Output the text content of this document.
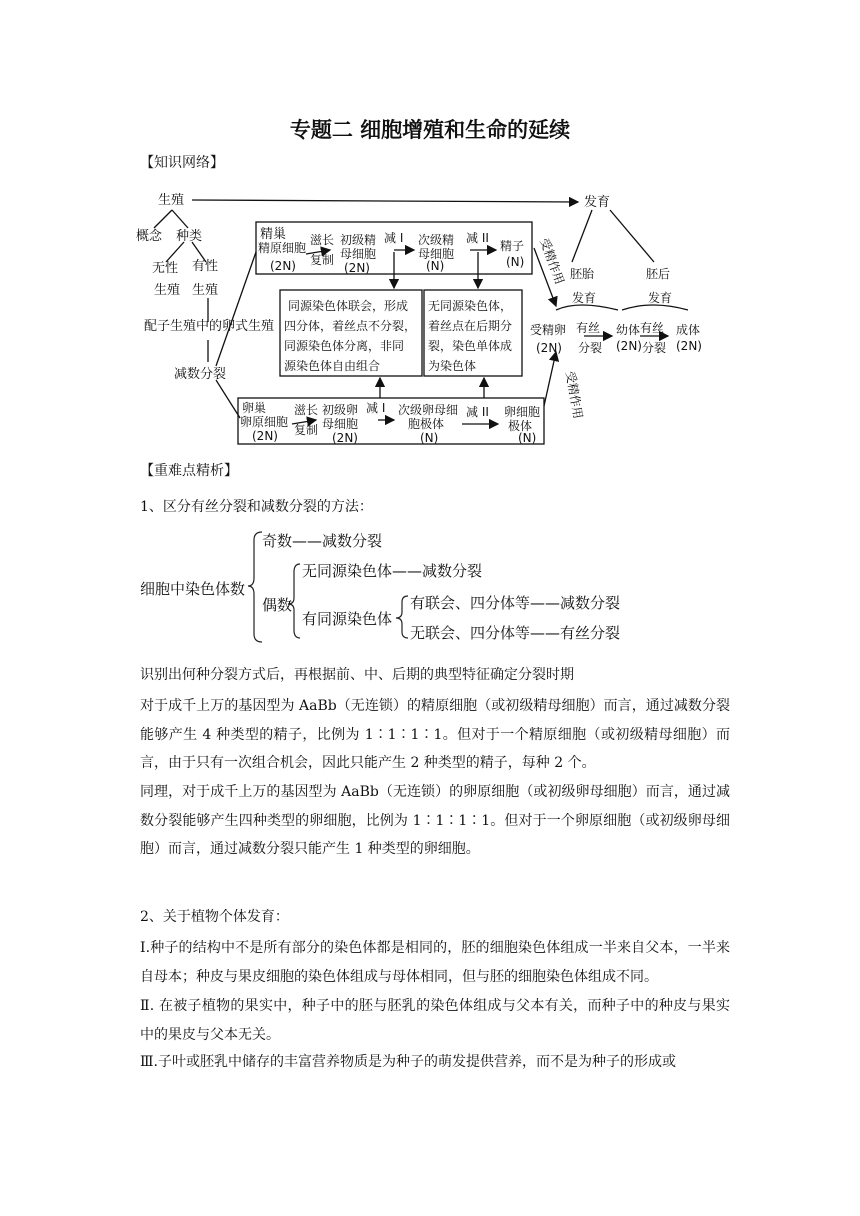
专题二 细胞增殖和生命的延续
【知识网络】
生殖	发育
概念 种类
无性
生殖
有性
生殖
配子生殖中的卵式生殖
减数分裂
精巢
精原细胞
(2N)
滋长
复制
初级精
母细胞
(2N)
减 I 次级精
母细胞
(N)
减 II
精子
(N)
同源染色体联会，形成
四分体，着丝点不分裂，
同源染色体分离，非同
源染色体自由组合
无同源染色体，
着丝点在后期分
裂，染色单体成
为染色体
受精作用
受精作用
胚胎
发育
胚后
发育
受精卵
(2N)
有丝
分裂
幼体
(2N)
有丝
分裂
成体
(2N)
卵巢
卵原细胞
(2N)
滋长
复制
初级卵
母细胞
(2N)
减 I 次级卵母细
胞极体
(N)
减 II 卵细胞
极体
(N)
【重难点精析】
1、区分有丝分裂和减数分裂的方法：
细胞中染色体数
奇数——减数分裂
偶数
无同源染色体——减数分裂
有同源染色体
有联会、四分体等——减数分裂
无联会、四分体等——有丝分裂
识别出何种分裂方式后，再根据前、中、后期的典型特征确定分裂时期
对于成千上万的基因型为 AaBb（无连锁）的精原细胞（或初级精母细胞）而言，通过减数分裂能够产生 4 种类型的精子，比例为 1∶1∶1∶1。但对于一个精原细胞（或初级精母细胞）而言，由于只有一次组合机会，因此只能产生 2 种类型的精子，每种 2 个。
同理，对于成千上万的基因型为 AaBb（无连锁）的卵原细胞（或初级卵母细胞）而言，通过减数分裂能够产生四种类型的卵细胞，比例为 1∶1∶1∶1。但对于一个卵原细胞（或初级卵母细胞）而言，通过减数分裂只能产生 1 种类型的卵细胞。
2、关于植物个体发育：
Ⅰ.种子的结构中不是所有部分的染色体都是相同的，胚的细胞染色体组成一半来自父本，一半来自母本；种皮与果皮细胞的染色体组成与母体相同，但与胚的细胞染色体组成不同。
Ⅱ. 在被子植物的果实中，种子中的胚与胚乳的染色体组成与父本有关，而种子中的种皮与果实中的果皮与父本无关。
Ⅲ.子叶或胚乳中储存的丰富营养物质是为种子的萌发提供营养，而不是为种子的形成或
